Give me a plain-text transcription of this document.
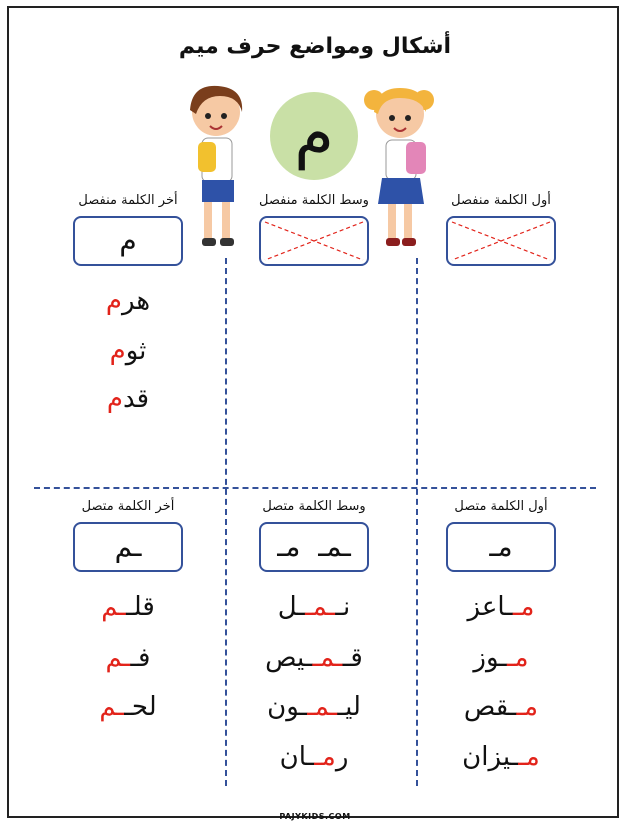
أشكال ومواضع حرف ميم
م
أخر الكلمة منفصل
م
وسط الكلمة منفصل	أول الكلمة منفصل
هرم
ثوم
قدم
أخر الكلمة متصل
ـم
وسط الكلمة متصل
ـمـ  مـ
أول الكلمة متصل
مـ
قلــم
فــم
لحــم
نــمــل
قــمــيص
ليــمــون
رمــان
مــاعز
مــوز
مــقص
مــيزان
PAJYKIDS.COM
